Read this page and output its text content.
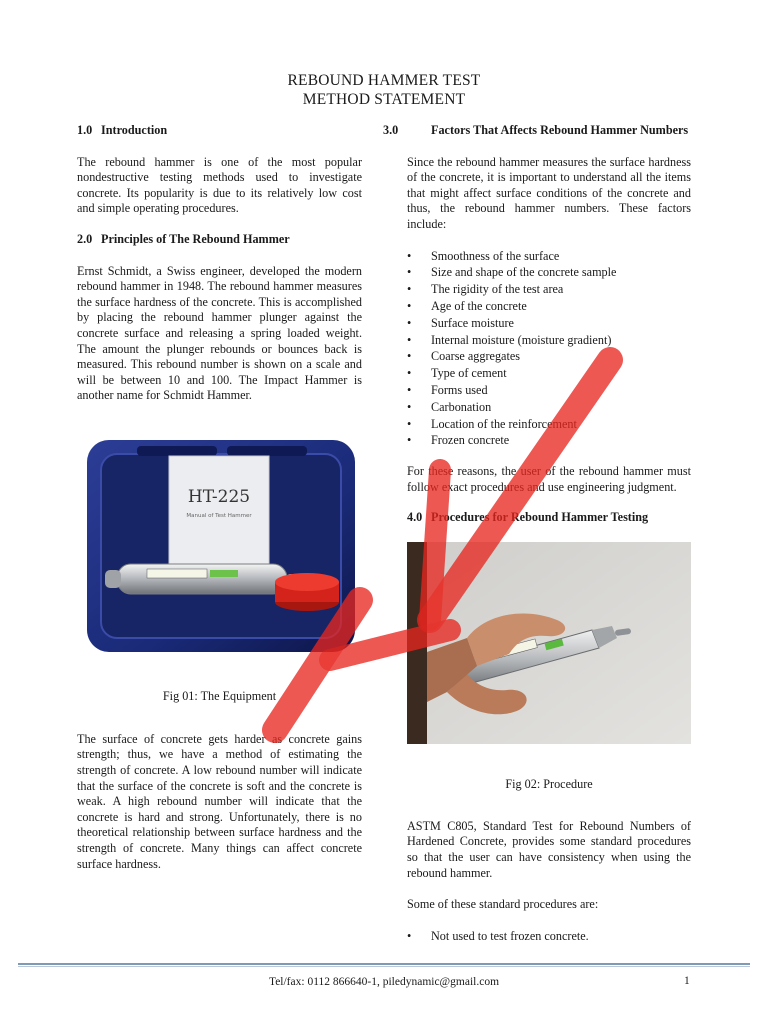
REBOUND HAMMER TEST
METHOD STATEMENT

1.0 Introduction

The rebound hammer is one of the most popular nondestructive testing methods used to investigate concrete. Its popularity is due to its relatively low cost and simple operating procedures.

2.0 Principles of The Rebound Hammer

Ernst Schmidt, a Swiss engineer, developed the modern rebound hammer in 1948. The rebound hammer measures the surface hardness of the concrete. This is accomplished by placing the rebound hammer plunger against the concrete surface and releasing a spring loaded weight. The amount the plunger rebounds or bounces back is measured. This rebound number is shown on a scale and will be between 10 and 100. The Impact Hammer is another name for Schmidt Hammer.

HT-225
Manual of Test Hammer

Fig 01: The Equipment

The surface of concrete gets harder as concrete gains strength; thus, we have a method of estimating the strength of concrete. A low rebound number will indicate that the surface of the concrete is soft and the concrete is weak. A high rebound number will indicate that the concrete is hard and strong. Unfortunately, there is no theoretical relationship between surface hardness and the strength of concrete. Many things can affect concrete surface hardness.

3.0	Factors That Affects Rebound Hammer Numbers

Since the rebound hammer measures the surface hardness of the concrete, it is important to understand all the items that might affect surface conditions of the concrete and thus, the rebound hammer numbers. These factors include:

• Smoothness of the surface
• Size and shape of the concrete sample
• The rigidity of the test area
• Age of the concrete
• Surface moisture
• Internal moisture (moisture gradient)
• Coarse aggregates
• Type of cement
• Forms used
• Carbonation
• Location of the reinforcement
• Frozen concrete

For these reasons, the user of the rebound hammer must follow exact procedures and use engineering judgment.

4.0 Procedures for Rebound Hammer Testing

Fig 02: Procedure

ASTM C805, Standard Test for Rebound Numbers of Hardened Concrete, provides some standard procedures so that the user can have consistency when using the rebound hammer.

Some of these standard procedures are:

• Not used to test frozen concrete.
Tel/fax: 0112 866640-1, piledynamic@gmail.com	1
